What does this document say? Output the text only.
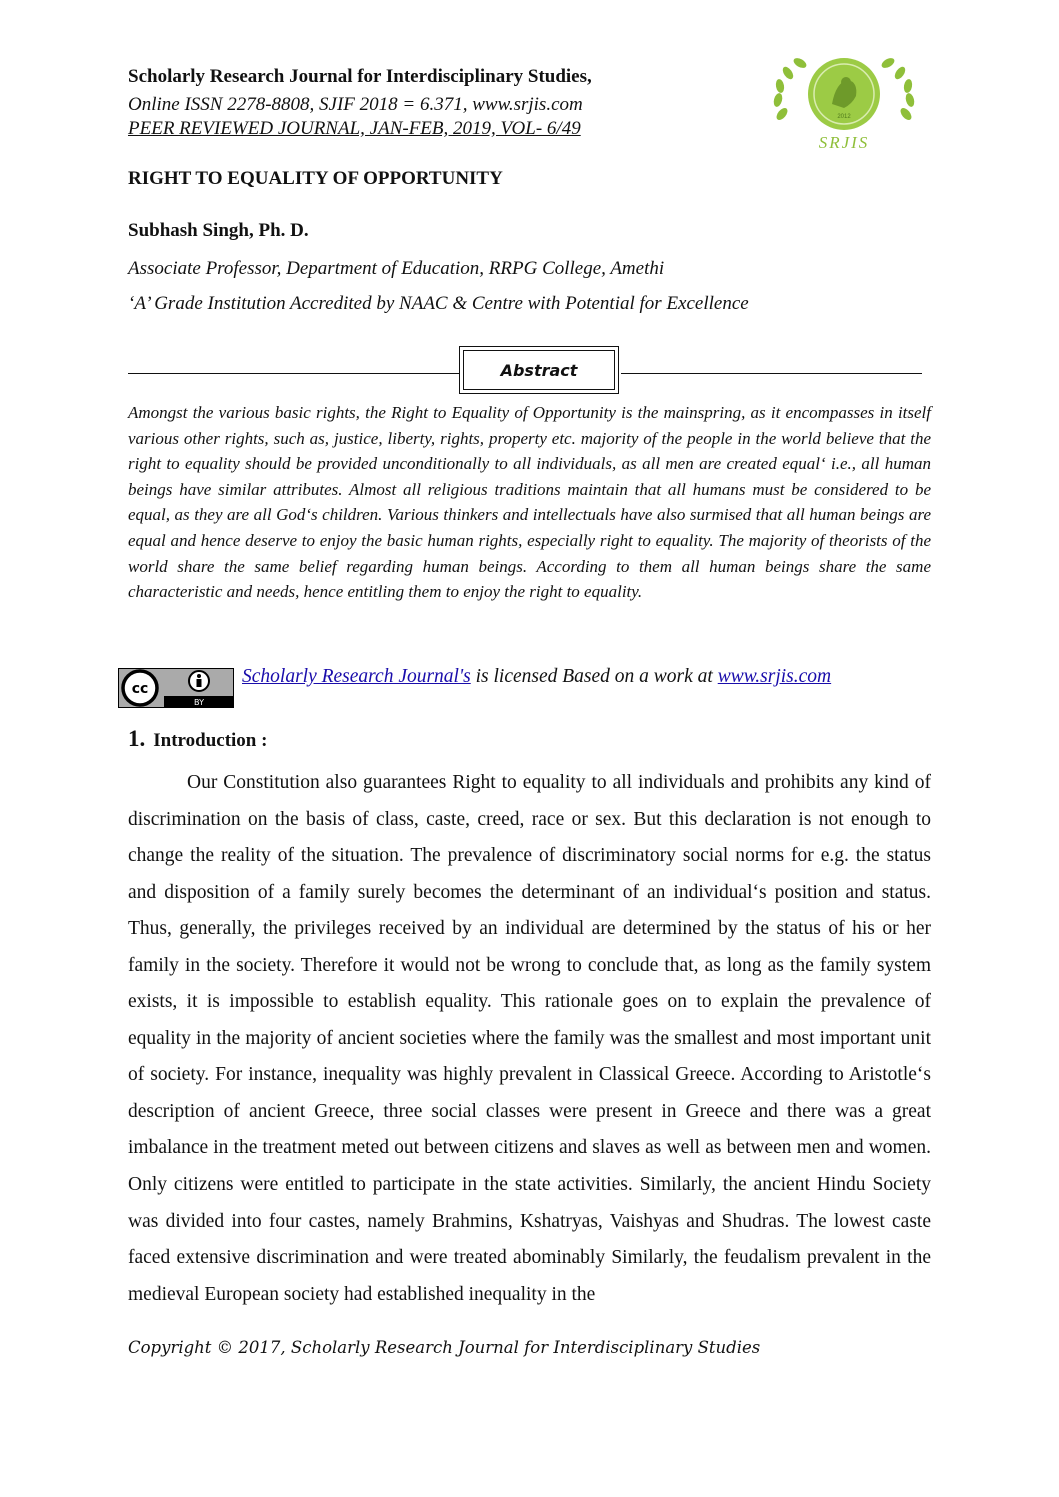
Scholarly Research Journal for Interdisciplinary Studies,
Online ISSN 2278-8808, SJIF 2018 = 6.371, www.srjis.com
PEER REVIEWED JOURNAL, JAN-FEB, 2019, VOL- 6/49
2012
SRJIS
RIGHT TO EQUALITY OF OPPORTUNITY
Subhash Singh, Ph. D.
Associate Professor, Department of Education, RRPG College, Amethi
‘A’ Grade Institution Accredited by NAAC & Centre with Potential for Excellence
Abstract

Amongst the various basic rights, the Right to Equality of Opportunity is the mainspring, as it encompasses in itself various other rights, such as, justice, liberty, rights, property etc. majority of the people in the world believe that the right to equality should be provided unconditionally to all individuals, as all men are created equal‘ i.e., all human beings have similar attributes. Almost all religious traditions maintain that all humans must be considered to be equal, as they are all God‘s children. Various thinkers and intellectuals have also surmised that all human beings are equal and hence deserve to enjoy the basic human rights, especially right to equality. The majority of theorists of the world share the same belief regarding human beings. According to them all human beings share the same characteristic and needs, hence entitling them to enjoy the right to equality.

BY
cc
Scholarly Research Journal's is licensed Based on a work at www.srjis.com
1. Introduction :

Our Constitution also guarantees Right to equality to all individuals and prohibits any kind of discrimination on the basis of class, caste, creed, race or sex. But this declaration is not enough to change the reality of the situation. The prevalence of discriminatory social norms for e.g. the status and disposition of a family surely becomes the determinant of an individual‘s position and status. Thus, generally, the privileges received by an individual are determined by the status of his or her family in the society. Therefore it would not be wrong to conclude that, as long as the family system exists, it is impossible to establish equality. This rationale goes on to explain the prevalence of equality in the majority of ancient societies where the family was the smallest and most important unit of society. For instance, inequality was highly prevalent in Classical Greece. According to Aristotle‘s description of ancient Greece, three social classes were present in Greece and there was a great imbalance in the treatment meted out between citizens and slaves as well as between men and women. Only citizens were entitled to participate in the state activities. Similarly, the ancient Hindu Society was divided into four castes, namely Brahmins, Kshatryas, Vaishyas and Shudras. The lowest caste faced extensive discrimination and were treated abominably Similarly, the feudalism prevalent in the medieval European society had established inequality in the

Copyright © 2017, Scholarly Research Journal for Interdisciplinary Studies
